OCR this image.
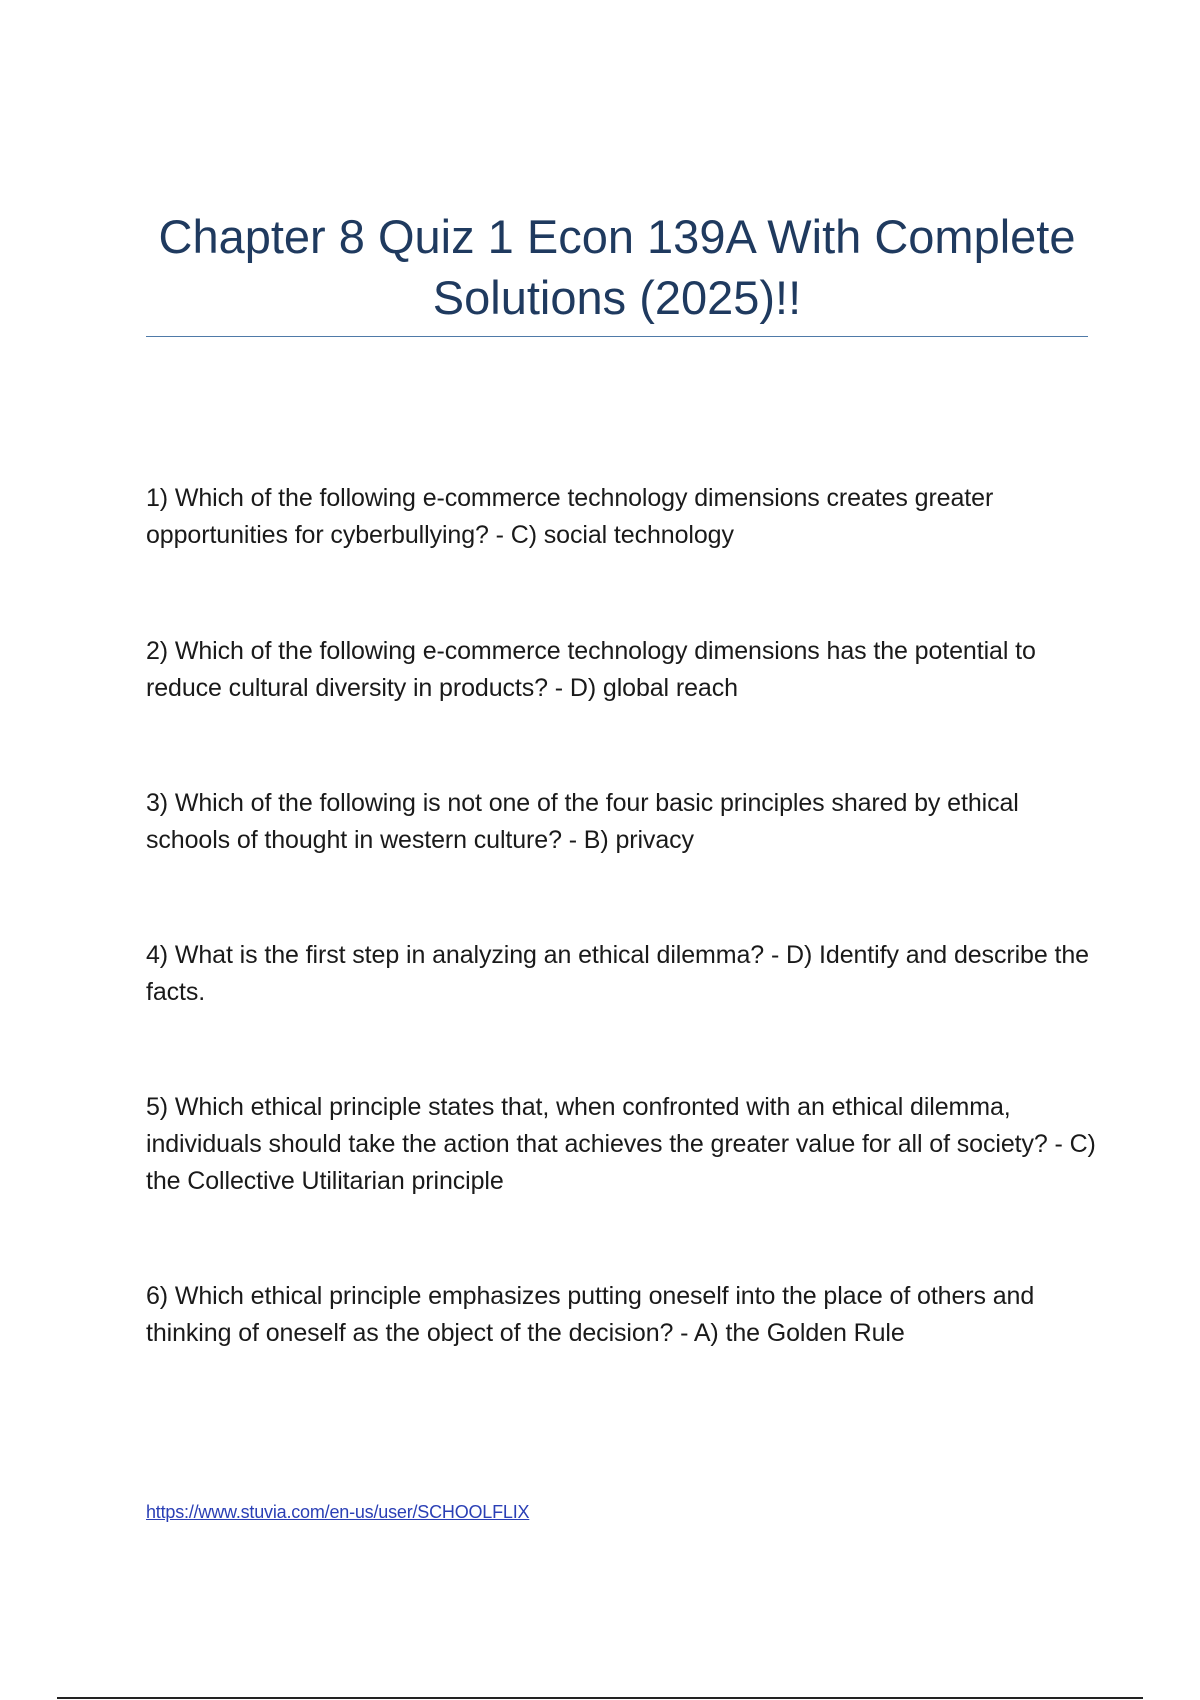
Chapter 8 Quiz 1 Econ 139A With Complete Solutions (2025)!!

1) Which of the following e-commerce technology dimensions creates greater opportunities for cyberbullying? - C) social technology

2) Which of the following e-commerce technology dimensions has the potential to reduce cultural diversity in products? - D) global reach

3) Which of the following is not one of the four basic principles shared by ethical schools of thought in western culture? - B) privacy

4) What is the first step in analyzing an ethical dilemma? - D) Identify and describe the facts.

5) Which ethical principle states that, when confronted with an ethical dilemma, individuals should take the action that achieves the greater value for all of society? - C) the Collective Utilitarian principle

6) Which ethical principle emphasizes putting oneself into the place of others and thinking of oneself as the object of the decision? - A) the Golden Rule

https://www.stuvia.com/en-us/user/SCHOOLFLIX
